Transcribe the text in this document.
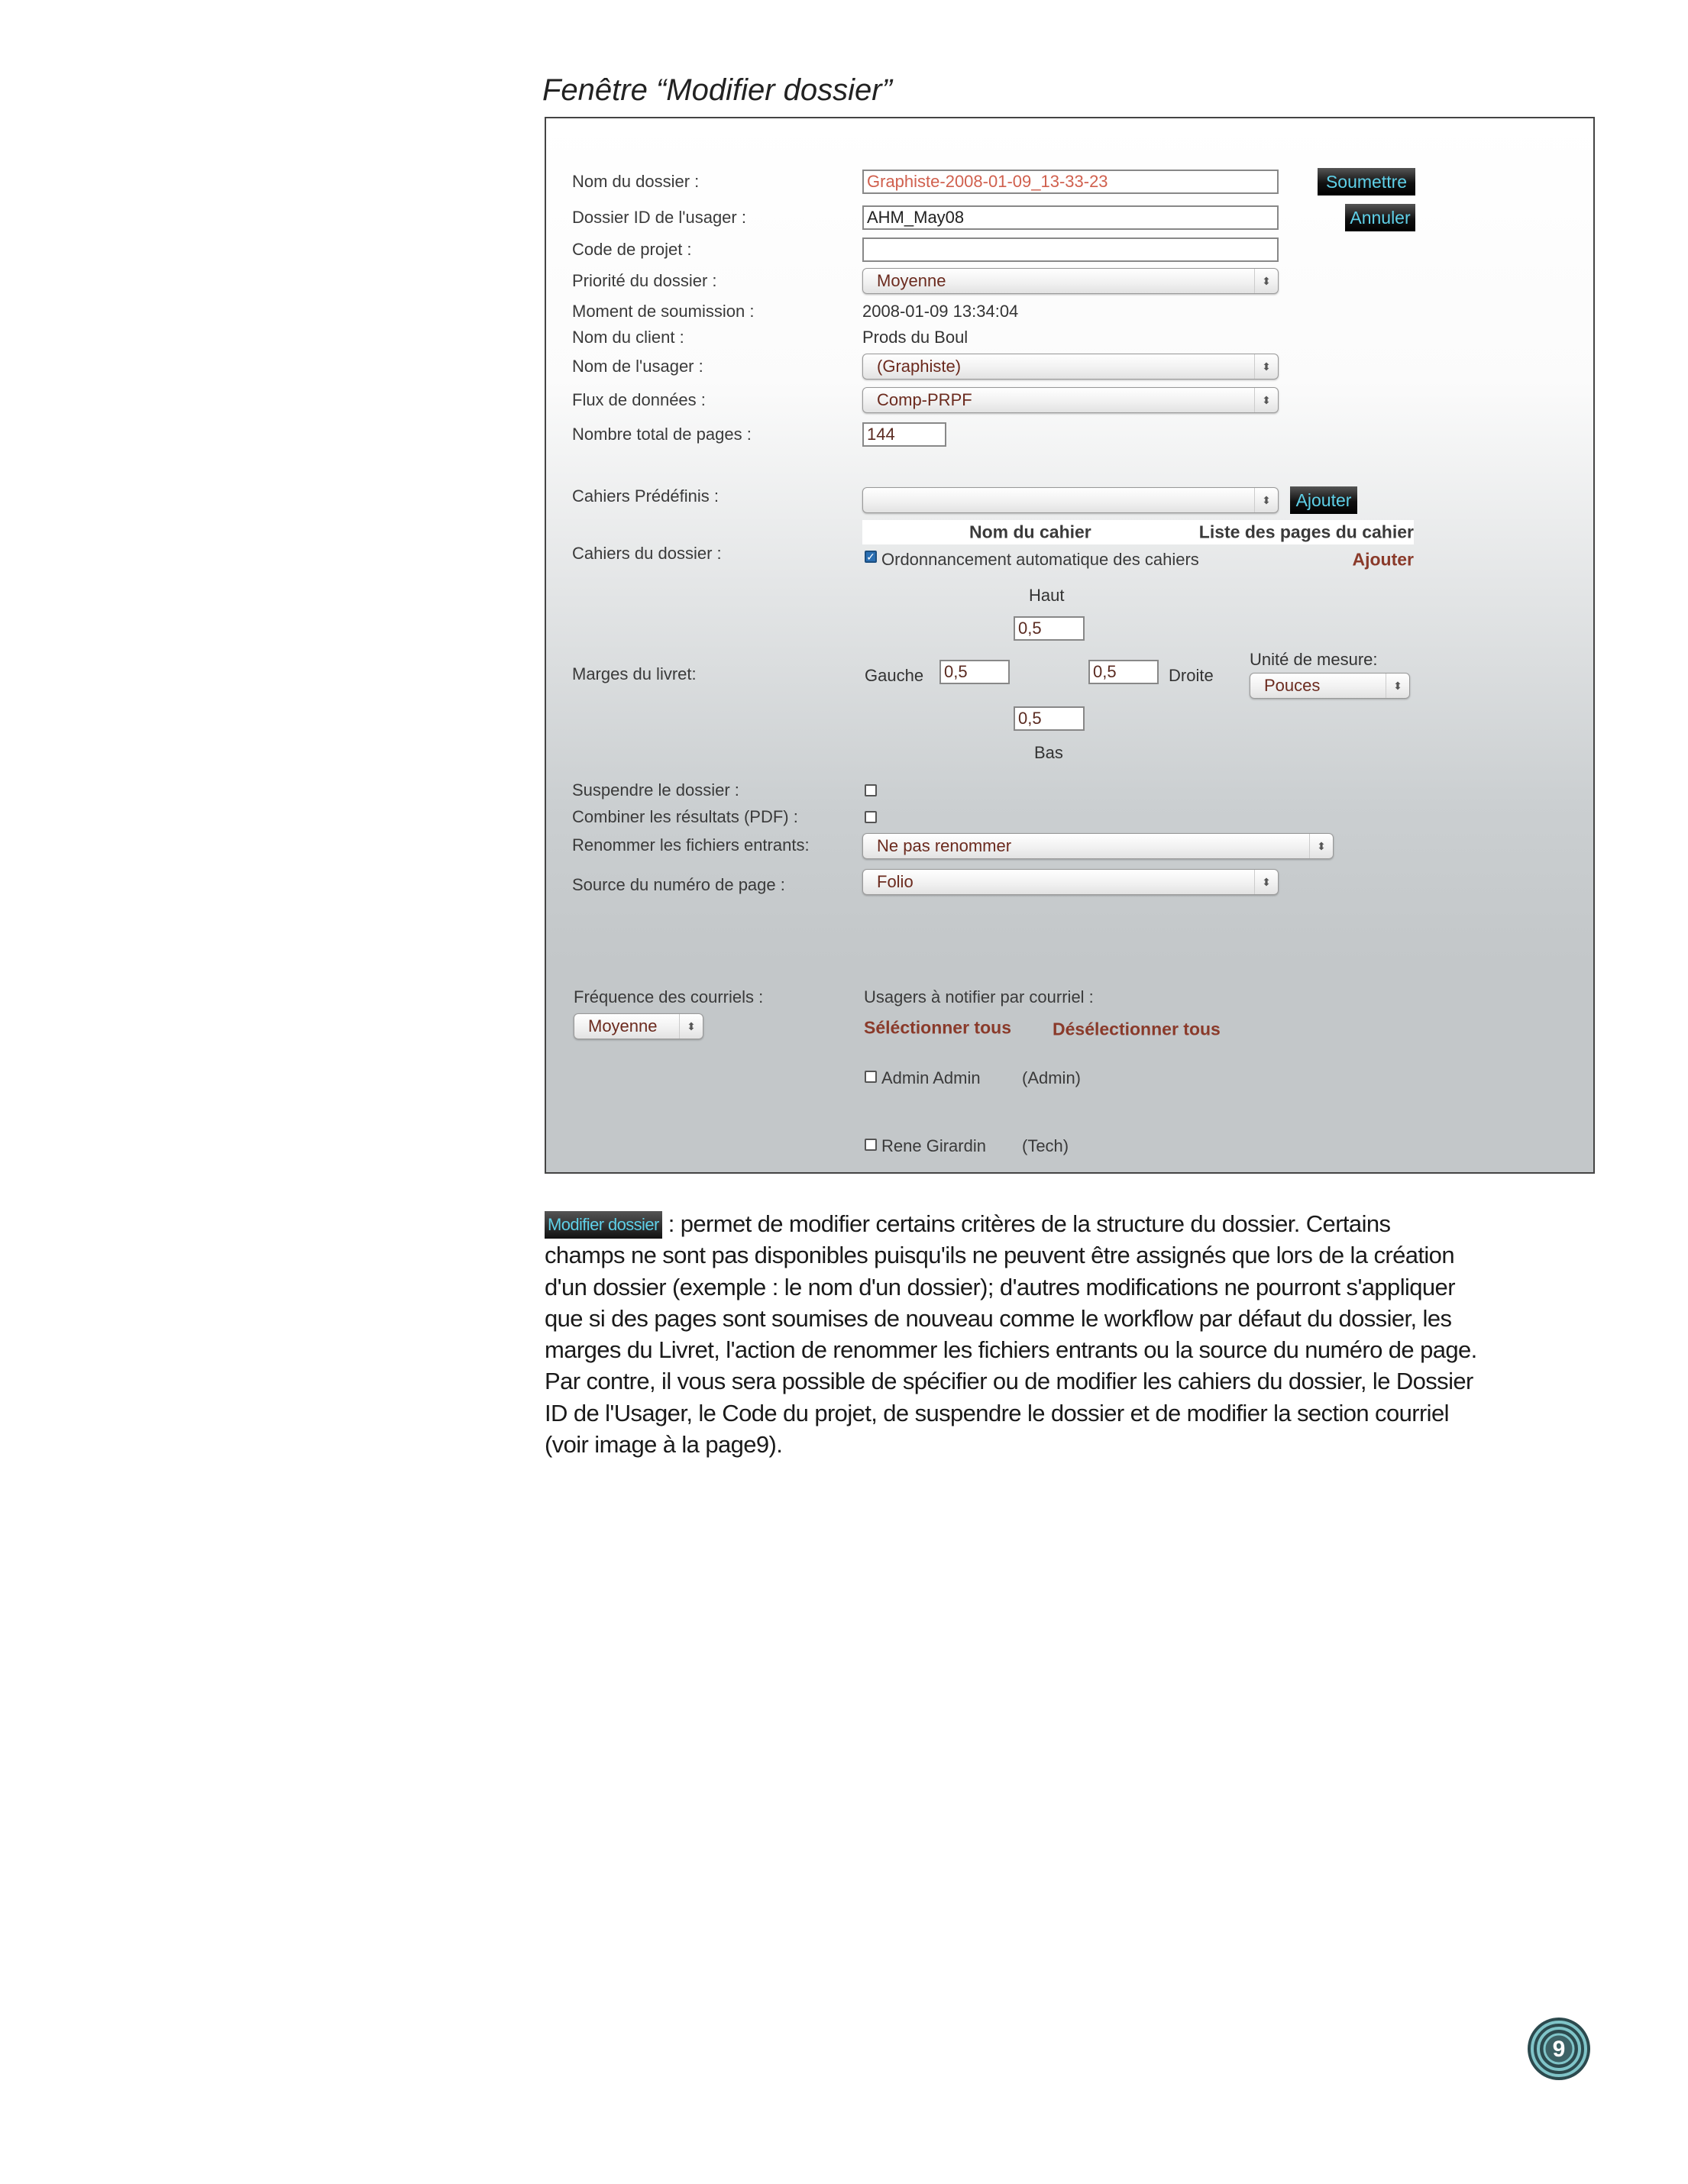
Fenêtre “Modifier dossier”
Nom du dossier :	Graphiste-2008-01-09_13-33-23	Soumettre
Dossier ID de l'usager :	AHM_May08	Annuler
Code de projet :
Priorité du dossier :	Moyenne	⬍
Moment de soumission :	2008-01-09 13:34:04
Nom du client :	Prods du Boul
Nom de l'usager :	(Graphiste)	⬍
Flux de données :	Comp-PRPF	⬍
Nombre total de pages :	144
Cahiers Prédéfinis :	⬍	Ajouter
Nom du cahier	Liste des pages du cahier
Cahiers du dossier :	✓ Ordonnancement automatique des cahiers	Ajouter
Haut
0,5
Marges du livret:	Gauche 0,5	0,5	Droite
Unité de mesure:
Pouces	⬍
0,5
Bas
Suspendre le dossier :
Combiner les résultats (PDF) :
Renommer les fichiers entrants:	Ne pas renommer	⬍
Source du numéro de page :	Folio	⬍
Fréquence des courriels :
Moyenne	⬍
Usagers à notifier par courriel :
Séléctionner tous Désélectionner tous
Admin Admin (Admin)
Rene Girardin (Tech)
Modifier dossier : permet de modifier certains critères de la structure du dossier. Certains
champs ne sont pas disponibles puisqu'ils ne peuvent être assignés que lors de la création
d'un dossier (exemple : le nom d'un dossier); d'autres modifications ne pourront s'appliquer
que si des pages sont soumises de nouveau comme le workflow par défaut du dossier, les
marges du Livret, l'action de renommer les fichiers entrants ou la source du numéro de page.
Par contre, il vous sera possible de spécifier ou de modifier les cahiers du dossier, le Dossier
ID de l'Usager, le Code du projet, de suspendre le dossier et de modifier la section courriel
(voir image à la page9).
9
